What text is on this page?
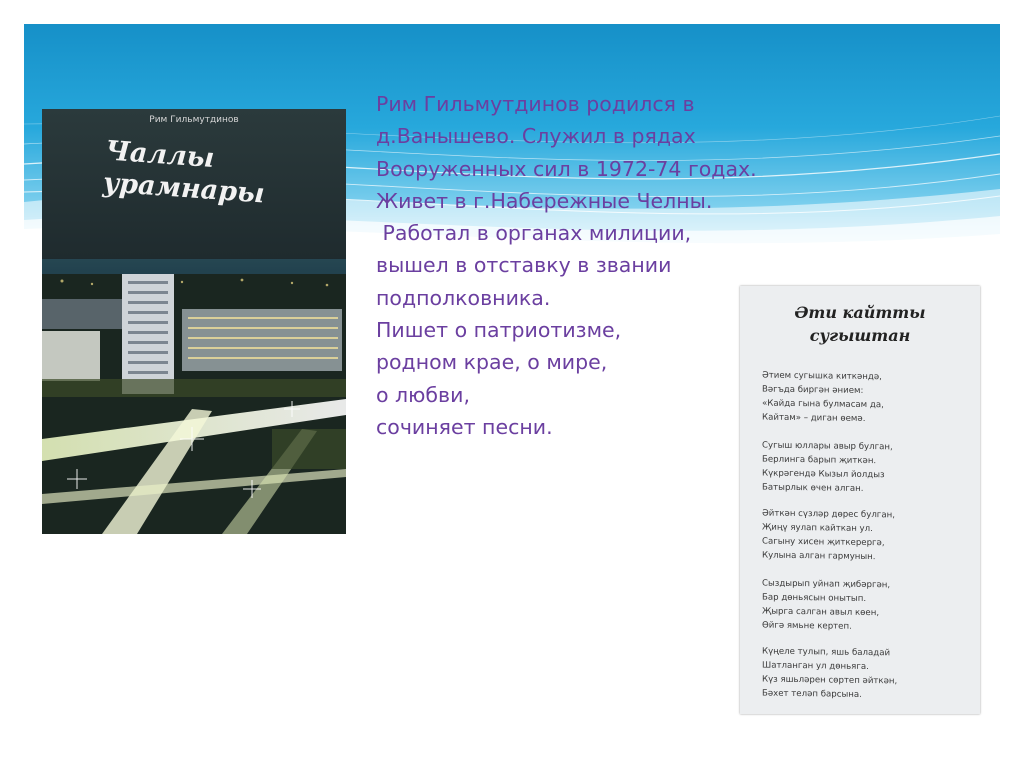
Рим Гильмутдинов родился в
д.Ванышево. Служил в рядах
Вооруженных сил в 1972-74 годах.
Живет в г.Набережные Челны.
Работал в органах милиции,
вышел в отставку в звании
подполковника.
Пишет о патриотизме,
родном крае, о мире,
о любви,
сочиняет песни.

Рим Гильмутдинов
Чаллы
урамнары
Әти кайтты
сугыштан

Әтием сугышка киткәндә,
Вәгъда биргән әнием:
«Кайда гына булмасам да,
Кайтам» – диган өемә.

Сугыш юллары авыр булган,
Берлинга барып җиткән.
Күкрәгендә Кызыл йолдыз
Батырлык өчен алган.

Әйткән сүзләр дөрес булган,
Җиңү яулап кайткан ул.
Сагыну хисен җиткерергә,
Кулына алган гармунын.

Сыздырып уйнап җибәргән,
Бар дөньясын онытып.
Җырга салган авыл көен,
Өйгә ямьне кертеп.

Күңеле тулып, яшь баладай
Шатланган ул дөньяга.
Күз яшьләрен сөртеп әйткән,
Бәхет теләп барсына.
